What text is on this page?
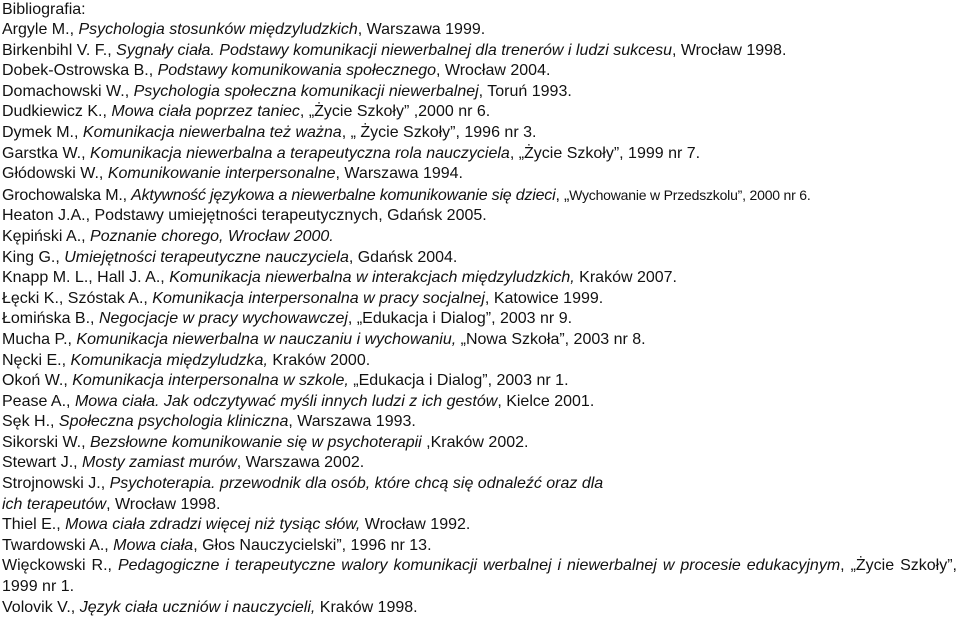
Bibliografia:

Argyle M., Psychologia stosunków międzyludzkich, Warszawa 1999.
Birkenbihl V. F., Sygnały ciała. Podstawy komunikacji niewerbalnej dla trenerów i ludzi sukcesu, Wrocław 1998.
Dobek-Ostrowska B., Podstawy komunikowania społecznego, Wrocław 2004.
Domachowski W., Psychologia społeczna komunikacji niewerbalnej, Toruń 1993.
Dudkiewicz K., Mowa ciała poprzez taniec, „Życie Szkoły” ,2000 nr 6.
Dymek M., Komunikacja niewerbalna też ważna, „ Życie Szkoły”, 1996 nr 3.
Garstka W., Komunikacja niewerbalna a terapeutyczna rola nauczyciela, „Życie Szkoły”, 1999 nr 7.
Głódowski W., Komunikowanie interpersonalne, Warszawa 1994.
Grochowalska M., Aktywność językowa a niewerbalne komunikowanie się dzieci, „Wychowanie w Przedszkolu”, 2000 nr 6.
Heaton J.A., Podstawy umiejętności terapeutycznych, Gdańsk 2005.
Kępiński A., Poznanie chorego, Wrocław 2000.
King G., Umiejętności terapeutyczne nauczyciela, Gdańsk 2004.
Knapp M. L., Hall J. A., Komunikacja niewerbalna w interakcjach międzyludzkich, Kraków 2007.
Łęcki K., Szóstak A., Komunikacja interpersonalna w pracy socjalnej, Katowice 1999.
Łomińska B., Negocjacje w pracy wychowawczej, „Edukacja i Dialog”, 2003 nr 9.
Mucha P., Komunikacja niewerbalna w nauczaniu i wychowaniu, „Nowa Szkoła”, 2003 nr 8.
Nęcki E., Komunikacja międzyludzka, Kraków 2000.
Okoń W., Komunikacja interpersonalna w szkole, „Edukacja i Dialog”, 2003 nr 1.
Pease A., Mowa ciała. Jak odczytywać myśli innych ludzi z ich gestów, Kielce 2001.
Sęk H., Społeczna psychologia kliniczna, Warszawa 1993.
Sikorski W., Bezsłowne komunikowanie się w psychoterapii ,Kraków 2002.
Stewart J., Mosty zamiast murów, Warszawa 2002.
Strojnowski J., Psychoterapia. przewodnik dla osób, które chcą się odnaleźć oraz dla
ich terapeutów, Wrocław 1998.
Thiel E., Mowa ciała zdradzi więcej niż tysiąc słów, Wrocław 1992.
Twardowski A., Mowa ciała, Głos Nauczycielski”, 1996 nr 13.
Więckowski R., Pedagogiczne i terapeutyczne walory komunikacji werbalnej i niewerbalnej w procesie edukacyjnym, „Życie Szkoły”, 1999 nr 1.
Volovik V., Język ciała uczniów i nauczycieli, Kraków 1998.
